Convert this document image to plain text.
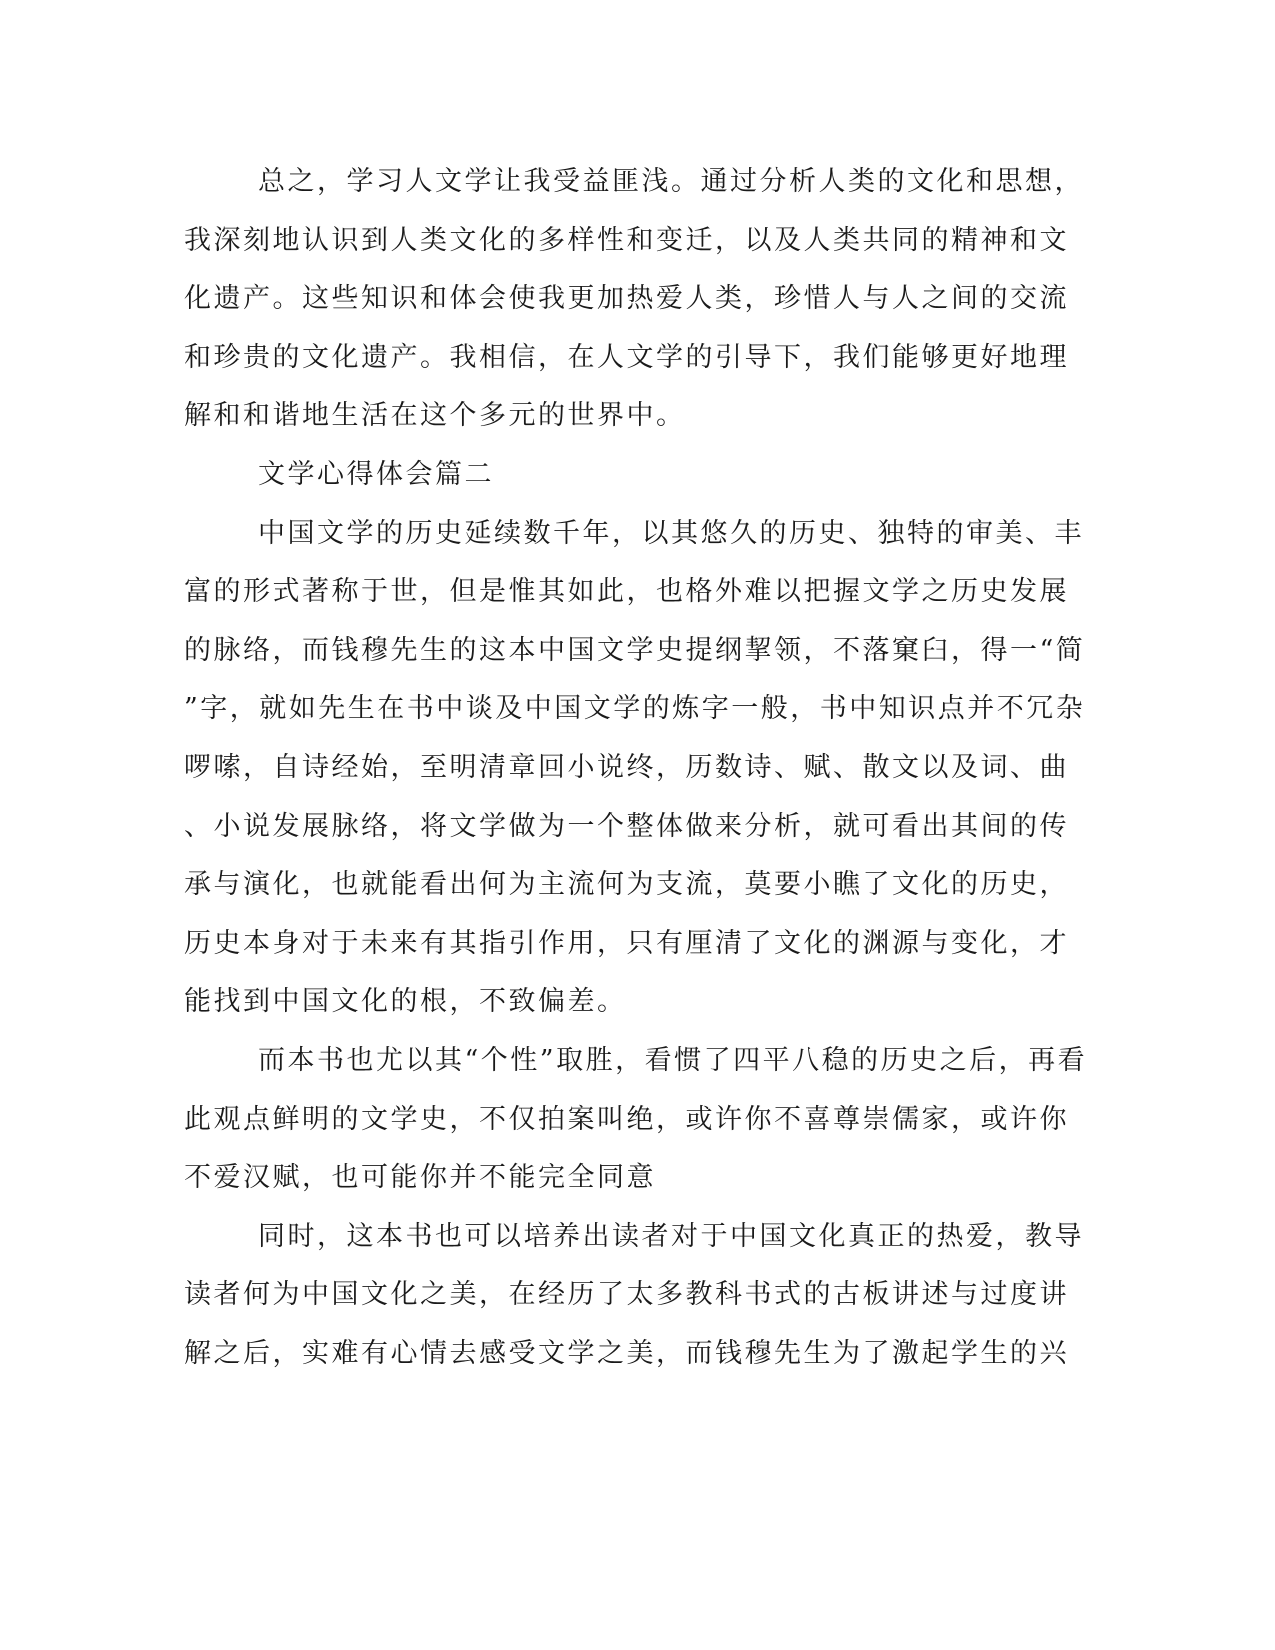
总之，学习人文学让我受益匪浅。通过分析人类的文化和思想，
我深刻地认识到人类文化的多样性和变迁，以及人类共同的精神和文
化遗产。这些知识和体会使我更加热爱人类，珍惜人与人之间的交流
和珍贵的文化遗产。我相信，在人文学的引导下，我们能够更好地理
解和和谐地生活在这个多元的世界中。
文学心得体会篇二
中国文学的历史延续数千年，以其悠久的历史、独特的审美、丰
富的形式著称于世，但是惟其如此，也格外难以把握文学之历史发展
的脉络，而钱穆先生的这本中国文学史提纲挈领，不落窠臼，得一“简
”字，就如先生在书中谈及中国文学的炼字一般，书中知识点并不冗杂
啰嗦，自诗经始，至明清章回小说终，历数诗、赋、散文以及词、曲
、小说发展脉络，将文学做为一个整体做来分析，就可看出其间的传
承与演化，也就能看出何为主流何为支流，莫要小瞧了文化的历史，
历史本身对于未来有其指引作用，只有厘清了文化的渊源与变化，才
能找到中国文化的根，不致偏差。
而本书也尤以其“个性”取胜，看惯了四平八稳的历史之后，再看
此观点鲜明的文学史，不仅拍案叫绝，或许你不喜尊崇儒家，或许你
不爱汉赋，也可能你并不能完全同意
同时，这本书也可以培养出读者对于中国文化真正的热爱，教导
读者何为中国文化之美，在经历了太多教科书式的古板讲述与过度讲
解之后，实难有心情去感受文学之美，而钱穆先生为了激起学生的兴
